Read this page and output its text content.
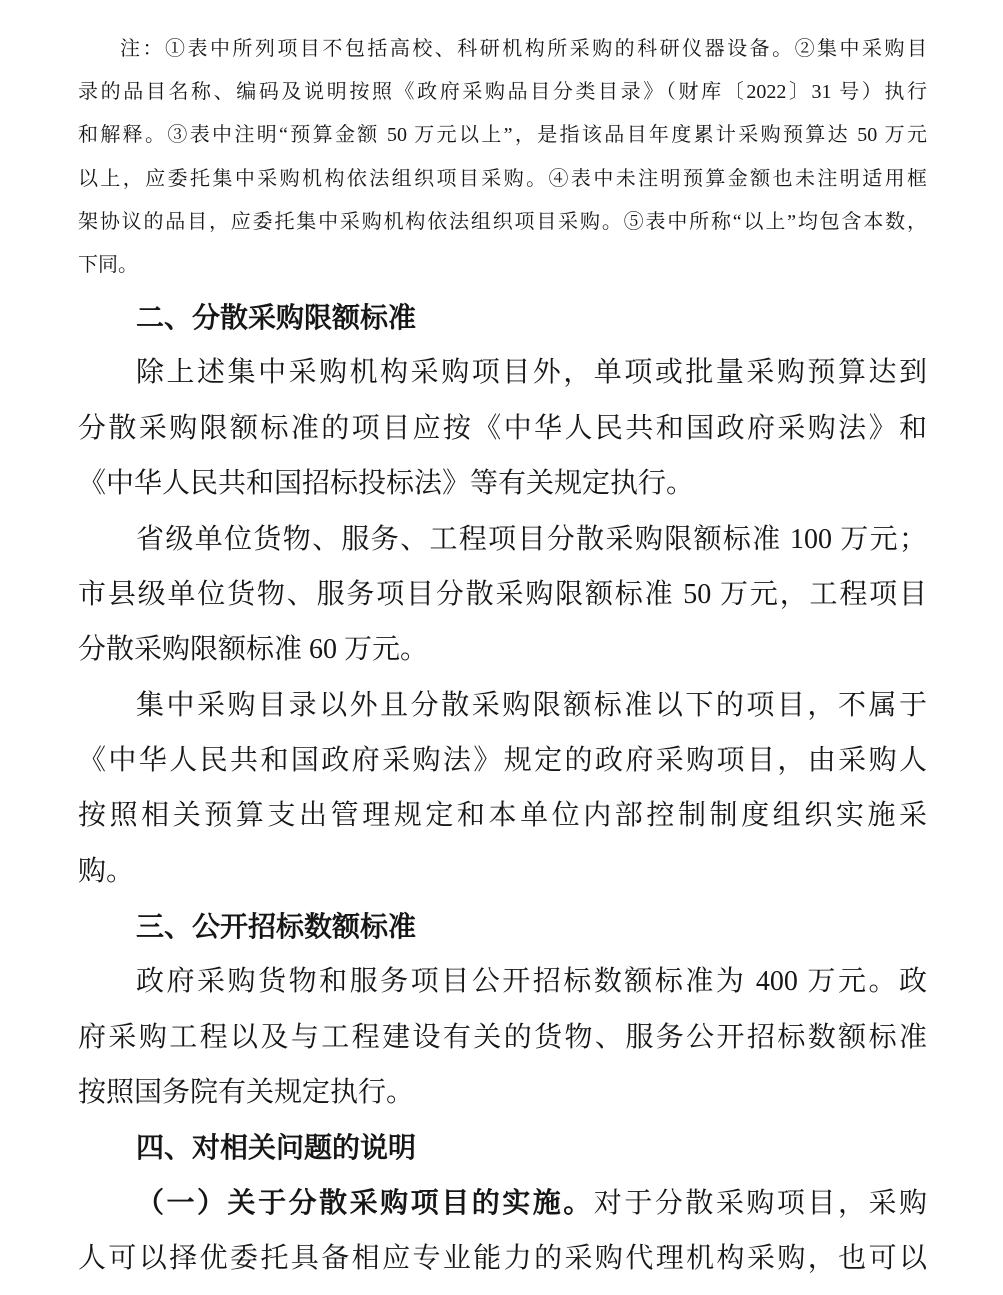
注：①表中所列项目不包括高校、科研机构所采购的科研仪器设备。②集中采购目
录的品目名称、编码及说明按照《政府采购品目分类目录》（财库〔2022〕31 号）执行
和解释。③表中注明“预算金额 50 万元以上”，是指该品目年度累计采购预算达 50 万元
以上，应委托集中采购机构依法组织项目采购。④表中未注明预算金额也未注明适用框
架协议的品目，应委托集中采购机构依法组织项目采购。⑤表中所称“以上”均包含本数，
下同。
二、分散采购限额标准
除上述集中采购机构采购项目外，单项或批量采购预算达到
分散采购限额标准的项目应按《中华人民共和国政府采购法》和
《中华人民共和国招标投标法》等有关规定执行。
省级单位货物、服务、工程项目分散采购限额标准 100 万元；
市县级单位货物、服务项目分散采购限额标准 50 万元，工程项目
分散采购限额标准 60 万元。
集中采购目录以外且分散采购限额标准以下的项目，不属于
《中华人民共和国政府采购法》规定的政府采购项目，由采购人
按照相关预算支出管理规定和本单位内部控制制度组织实施采
购。
三、公开招标数额标准
政府采购货物和服务项目公开招标数额标准为 400 万元。政
府采购工程以及与工程建设有关的货物、服务公开招标数额标准
按照国务院有关规定执行。
四、对相关问题的说明
（一）关于分散采购项目的实施。对于分散采购项目，采购
人可以择优委托具备相应专业能力的采购代理机构采购，也可以
